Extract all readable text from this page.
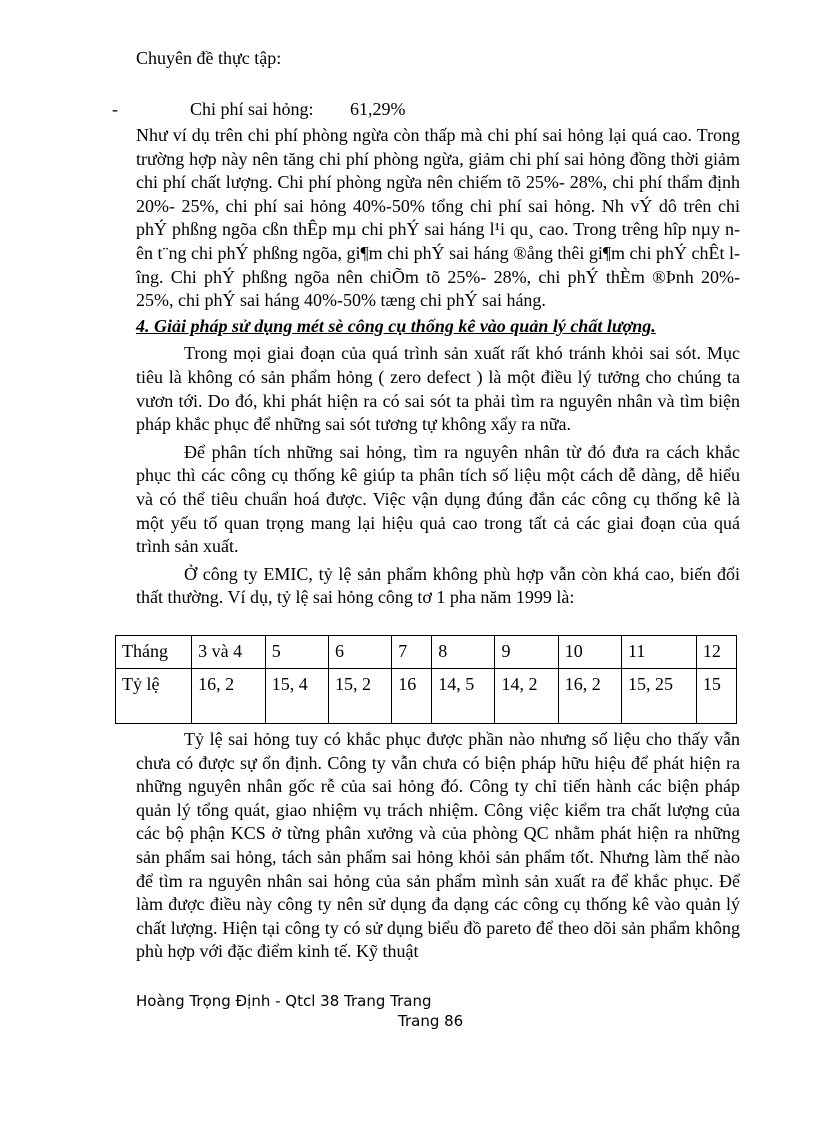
Chuyên đề thực tập:
-	Chi phí sai hỏng: 61,29%

Như ví dụ trên chi phí phòng ngừa còn thấp mà chi phí sai hỏng lại quá cao. Trong trường hợp này nên tăng chi phí phòng ngừa, giảm chi phí sai hỏng đồng thời giảm chi phí chất lượng. Chi phí phòng ngừa nên chiếm tõ 25%- 28%, chi phí thẩm định 20%- 25%, chi phí sai hỏng 40%-50% tổng chi phí sai hỏng. Nh vÝ dô trên chi phÝ phßng ngõa cßn thÊp mµ chi phÝ sai háng l¹i qu¸ cao. Trong trêng hîp nµy nên t¨ng chi phÝ phßng ngõa, gi¶m chi phÝ sai háng ®ång thêi gi¶m chi phÝ chÊt lîng. Chi phÝ phßng ngõa nên chiÕm tõ 25%- 28%, chi phÝ thÈm ®Þnh 20%- 25%, chi phÝ sai háng 40%-50% tæng chi phÝ sai háng.

4. Giải pháp sử dụng mét sè công cụ thống kê vào quản lý chất lượng.

Trong mọi giai đoạn của quá trình sản xuất rất khó tránh khỏi sai sót. Mục tiêu là không có sản phẩm hỏng ( zero defect ) là một điều lý tưởng cho chúng ta vươn tới. Do đó, khi phát hiện ra có sai sót ta phải tìm ra nguyên nhân và tìm biện pháp khắc phục để những sai sót tương tự không xẩy ra nữa.

Để phân tích những sai hỏng, tìm ra nguyên nhân từ đó đưa ra cách khắc phục thì các công cụ thống kê giúp ta phân tích số liệu một cách dễ dàng, dễ hiểu và có thể tiêu chuẩn hoá được. Việc vận dụng đúng đắn các công cụ thống kê là một yếu tố quan trọng mang lại hiệu quả cao trong tất cả các giai đoạn của quá trình sản xuất.

Ở công ty EMIC, tỷ lệ sản phẩm không phù hợp vẫn còn khá cao, biến đổi thất thường. Ví dụ, tỷ lệ sai hỏng công tơ 1 pha năm 1999 là:

Tháng	3 và 4	5	6	7	8	9	10	11	12
Tỷ lệ	16, 2	15, 4	15, 2	16	14, 5	14, 2	16, 2	15, 25	15

Tỷ lệ sai hỏng tuy có khắc phục được phần nào nhưng số liệu cho thấy vẫn chưa có được sự ổn định. Công ty vẫn chưa có biện pháp hữu hiệu để phát hiện ra những nguyên nhân gốc rễ của sai hỏng đó. Công ty chỉ tiến hành các biện pháp quản lý tổng quát, giao nhiệm vụ trách nhiệm. Công việc kiểm tra chất lượng của các bộ phận KCS ở từng phân xưởng và của phòng QC nhằm phát hiện ra những sản phẩm sai hỏng, tách sản phẩm sai hỏng khỏi sản phẩm tốt. Nhưng làm thế nào để tìm ra nguyên nhân sai hỏng của sản phẩm mình sản xuất ra để khắc phục. Để làm được điều này công ty nên sử dụng đa dạng các công cụ thống kê vào quản lý chất lượng. Hiện tại công ty có sử dụng biểu đồ pareto để theo dõi sản phẩm không phù hợp với đặc điểm kinh tế. Kỹ thuật

Hoàng Trọng Định - Qtcl 38 Trang Trang
Trang 86
